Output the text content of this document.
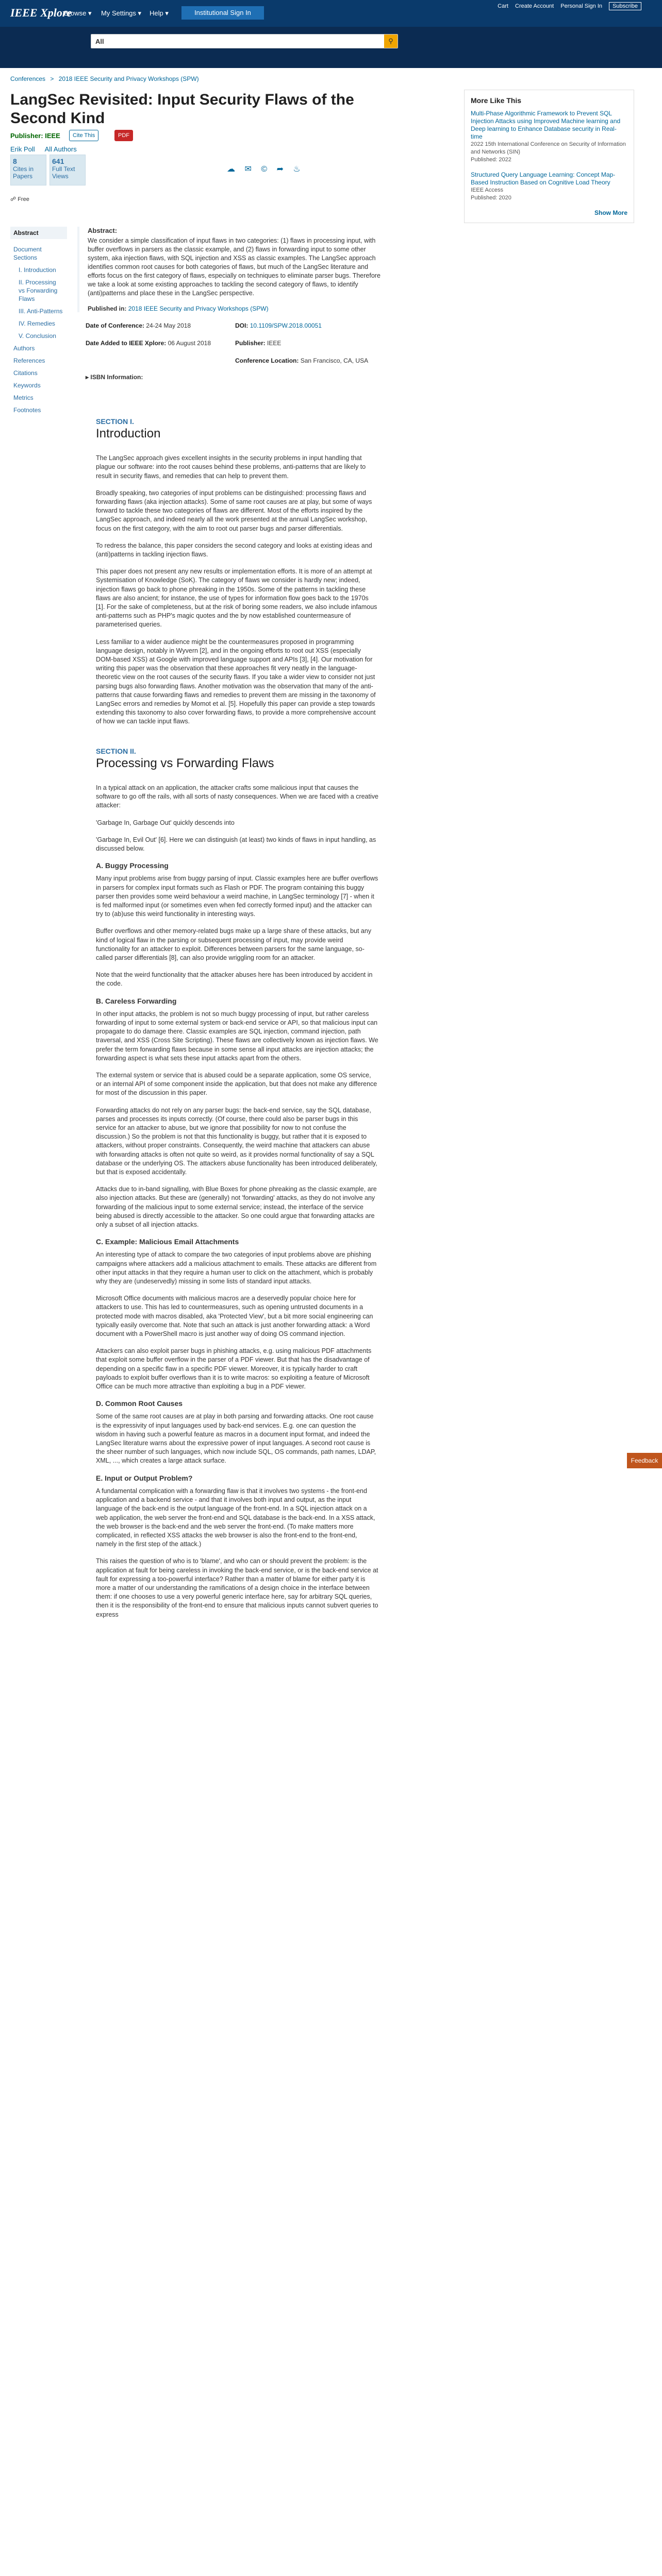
IEEE Xplore
Browse ▾ My Settings ▾ Help ▾	Institutional Sign In
Cart Create Account Personal Sign In Subscribe
All	⚲
Conferences > 2018 IEEE Security and Privacy Workshops (SPW)
LangSec Revisited: Input Security Flaws of the Second Kind
Publisher: IEEE	Cite This	PDF
Erik Poll All Authors
8
Cites in Papers
641
Full Text Views
☁ ✉ © ➦ ♨
☍ Free
Abstract
Document Sections
I. Introduction
II. Processing vs Forwarding Flaws
III. Anti-Patterns
IV. Remedies
V. Conclusion
Authors
References
Citations
Keywords
Metrics
Footnotes
Abstract:
We consider a simple classification of input flaws in two categories: (1) flaws in processing input, with buffer overflows in parsers as the classic example, and (2) flaws in forwarding input to some other system, aka injection flaws, with SQL injection and XSS as classic examples. The LangSec approach identifies common root causes for both categories of flaws, but much of the LangSec literature and efforts focus on the first category of flaws, especially on techniques to eliminate parser bugs. Therefore we take a look at some existing approaches to tackling the second category of flaws, to identify (anti)patterns and place these in the LangSec perspective.
Published in: 2018 IEEE Security and Privacy Workshops (SPW)
Date of Conference: 24-24 May 2018	DOI: 10.1109/SPW.2018.00051
Date Added to IEEE Xplore: 06 August 2018	Publisher: IEEE
Conference Location: San Francisco, CA, USA
▸ ISBN Information:
SECTION I.
Introduction

The LangSec approach gives excellent insights in the security problems in input handling that plague our software: into the root causes behind these problems, anti-patterns that are likely to result in security flaws, and remedies that can help to prevent them.

Broadly speaking, two categories of input problems can be distinguished: processing flaws and forwarding flaws (aka injection attacks). Some of same root causes are at play, but some of ways forward to tackle these two categories of flaws are different. Most of the efforts inspired by the LangSec approach, and indeed nearly all the work presented at the annual LangSec workshop, focus on the first category, with the aim to root out parser bugs and parser differentials.

To redress the balance, this paper considers the second category and looks at existing ideas and (anti)patterns in tackling injection flaws.

This paper does not present any new results or implementation efforts. It is more of an attempt at Systemisation of Knowledge (SoK). The category of flaws we consider is hardly new; indeed, injection flaws go back to phone phreaking in the 1950s. Some of the patterns in tackling these flaws are also ancient; for instance, the use of types for information flow goes back to the 1970s [1]. For the sake of completeness, but at the risk of boring some readers, we also include infamous anti-patterns such as PHP's magic quotes and the by now established countermeasure of parameterised queries.

Less familiar to a wider audience might be the countermeasures proposed in programming language design, notably in Wyvern [2], and in the ongoing efforts to root out XSS (especially DOM-based XSS) at Google with improved language support and APIs [3], [4]. Our motivation for writing this paper was the observation that these approaches fit very neatly in the language-theoretic view on the root causes of the security flaws. If you take a wider view to consider not just parsing bugs also forwarding flaws. Another motivation was the observation that many of the anti-patterns that cause forwarding flaws and remedies to prevent them are missing in the taxonomy of LangSec errors and remedies by Momot et al. [5]. Hopefully this paper can provide a step towards extending this taxonomy to also cover forwarding flaws, to provide a more comprehensive account of how we can tackle input flaws.

SECTION II.
Processing vs Forwarding Flaws

In a typical attack on an application, the attacker crafts some malicious input that causes the software to go off the rails, with all sorts of nasty consequences. When we are faced with a creative attacker:

'Garbage In, Garbage Out' quickly descends into

'Garbage In, Evil Out' [6]. Here we can distinguish (at least) two kinds of flaws in input handling, as discussed below.

A. Buggy Processing

Many input problems arise from buggy parsing of input. Classic examples here are buffer overflows in parsers for complex input formats such as Flash or PDF. The program containing this buggy parser then provides some weird behaviour a weird machine, in LangSec terminology [7] - when it is fed malformed input (or sometimes even when fed correctly formed input) and the attacker can try to (ab)use this weird functionality in interesting ways.

Buffer overflows and other memory-related bugs make up a large share of these attacks, but any kind of logical flaw in the parsing or subsequent processing of input, may provide weird functionality for an attacker to exploit. Differences between parsers for the same language, so-called parser differentials [8], can also provide wriggling room for an attacker.

Note that the weird functionality that the attacker abuses here has been introduced by accident in the code.

B. Careless Forwarding

In other input attacks, the problem is not so much buggy processing of input, but rather careless forwarding of input to some external system or back-end service or API, so that malicious input can propagate to do damage there. Classic examples are SQL injection, command injection, path traversal, and XSS (Cross Site Scripting). These flaws are collectively known as injection flaws. We prefer the term forwarding flaws because in some sense all input attacks are injection attacks; the forwarding aspect is what sets these input attacks apart from the others.

The external system or service that is abused could be a separate application, some OS service, or an internal API of some component inside the application, but that does not make any difference for most of the discussion in this paper.

Forwarding attacks do not rely on any parser bugs: the back-end service, say the SQL database, parses and processes its inputs correctly. (Of course, there could also be parser bugs in this service for an attacker to abuse, but we ignore that possibility for now to not confuse the discussion.) So the problem is not that this functionality is buggy, but rather that it is exposed to attackers, without proper constraints. Consequently, the weird machine that attackers can abuse with forwarding attacks is often not quite so weird, as it provides normal functionality of say a SQL database or the underlying OS. The attackers abuse functionality has been introduced deliberately, but that is exposed accidentally.

Attacks due to in-band signalling, with Blue Boxes for phone phreaking as the classic example, are also injection attacks. But these are (generally) not 'forwarding' attacks, as they do not involve any forwarding of the malicious input to some external service; instead, the interface of the service being abused is directly accessible to the attacker. So one could argue that forwarding attacks are only a subset of all injection attacks.

C. Example: Malicious Email Attachments

An interesting type of attack to compare the two categories of input problems above are phishing campaigns where attackers add a malicious attachment to emails. These attacks are different from other input attacks in that they require a human user to click on the attachment, which is probably why they are (undeservedly) missing in some lists of standard input attacks.

Microsoft Office documents with malicious macros are a deservedly popular choice here for attackers to use. This has led to countermeasures, such as opening untrusted documents in a protected mode with macros disabled, aka 'Protected View', but a bit more social engineering can typically easily overcome that. Note that such an attack is just another forwarding attack: a Word document with a PowerShell macro is just another way of doing OS command injection.

Attackers can also exploit parser bugs in phishing attacks, e.g. using malicious PDF attachments that exploit some buffer overflow in the parser of a PDF viewer. But that has the disadvantage of depending on a specific flaw in a specific PDF viewer. Moreover, it is typically harder to craft payloads to exploit buffer overflows than it is to write macros: so exploiting a feature of Microsoft Office can be much more attractive than exploiting a bug in a PDF viewer.

D. Common Root Causes

Some of the same root causes are at play in both parsing and forwarding attacks. One root cause is the expressivity of input languages used by back-end services. E.g. one can question the wisdom in having such a powerful feature as macros in a document input format, and indeed the LangSec literature warns about the expressive power of input languages. A second root cause is the sheer number of such languages, which now include SQL, OS commands, path names, LDAP, XML, ..., which creates a large attack surface.

E. Input or Output Problem?

A fundamental complication with a forwarding flaw is that it involves two systems - the front-end application and a backend service - and that it involves both input and output, as the input language of the back-end is the output language of the front-end. In a SQL injection attack on a web application, the web server the front-end and SQL database is the back-end. In a XSS attack, the web browser is the back-end and the web server the front-end. (To make matters more complicated, in reflected XSS attacks the web browser is also the front-end to the front-end, namely in the first step of the attack.)

This raises the question of who is to 'blame', and who can or should prevent the problem: is the application at fault for being careless in invoking the back-end service, or is the back-end service at fault for expressing a too-powerful interface? Rather than a matter of blame for either party it is more a matter of our understanding the ramifications of a design choice in the interface between them: if one chooses to use a very powerful generic interface here, say for arbitrary SQL queries, then it is the responsibility of the front-end to ensure that malicious inputs cannot subvert queries to express

More Like This
Multi-Phase Algorithmic Framework to Prevent SQL Injection Attacks using Improved Machine learning and Deep learning to Enhance Database security in Real-time
2022 15th International Conference on Security of Information and Networks (SIN)
Published: 2022
Structured Query Language Learning: Concept Map-Based Instruction Based on Cognitive Load Theory
IEEE Access
Published: 2020
Show More
Feedback
